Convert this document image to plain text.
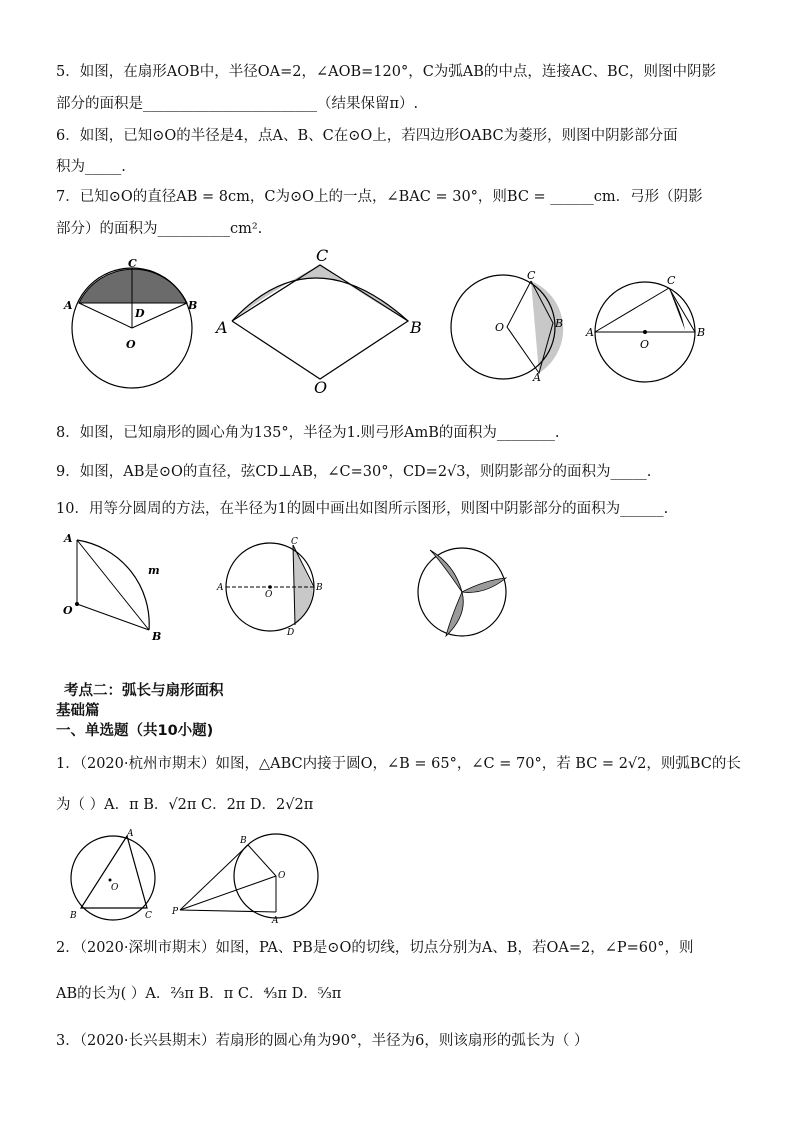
5．如图，在扇形AOB中，半径OA=2，∠AOB=120°，C为弧AB的中点，连接AC、BC，则图中阴影
部分的面积是________________________（结果保留π）.
6．如图，已知⊙O的半径是4，点A、B、C在⊙O上，若四边形OABC为菱形，则图中阴影部分面
积为_____.
7．已知⊙O的直径AB = 8cm，C为⊙O上的一点，∠BAC = 30°，则BC = ______cm．弓形（阴影
部分）的面积为__________cm².
C
A	B
D
O
C
A	B
O
C
O	B
A
C
A	B
O
8．如图，已知扇形的圆心角为135°，半径为1.则弓形AmB的面积为________.
9．如图，AB是⊙O的直径，弦CD⊥AB，∠C=30°，CD=2√3，则阴影部分的面积为_____.
10．用等分圆周的方法，在半径为1的圆中画出如图所示图形，则图中阴影部分的面积为______.
A
m
O
B
C
A
O
B
D
考点二：弧长与扇形面积
基础篇
一、单选题（共10小题)
1．（2020·杭州市期末）如图，△ABC内接于圆O，∠B = 65°，∠C = 70°，若 BC = 2√2，则弧BC的长
为（ ）A．π B．√2π C．2π D．2√2π
A
O
B	C
B
O
P
A
2．（2020·深圳市期末）如图，PA、PB是⊙O的切线，切点分别为A、B，若OA=2，∠P=60°，则
AB的长为( ）A．⅔π B．π C．⁴⁄₃π D．⁵⁄₃π
3．（2020·长兴县期末）若扇形的圆心角为90°，半径为6，则该扇形的弧长为（ ）
